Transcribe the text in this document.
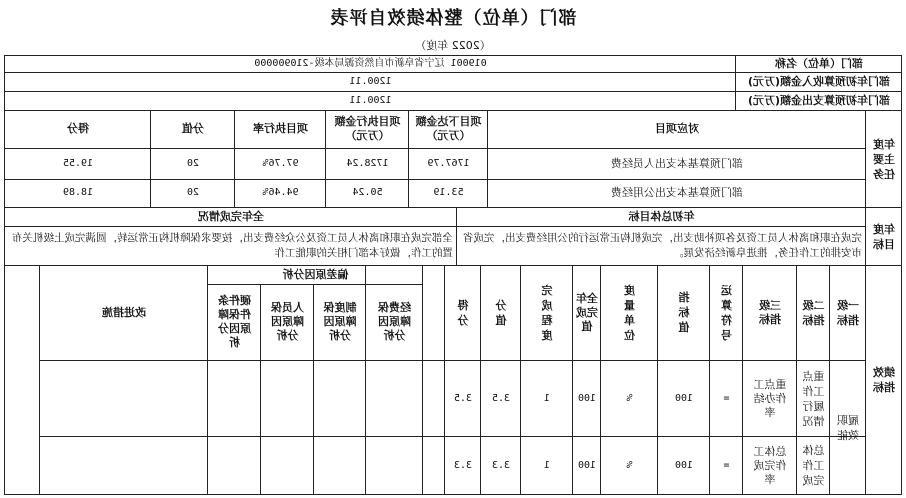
部门（单位）整体绩效自评表
（2022 年度）
部门（单位）名称
019001 辽宁省阜新市自然资源局本级-210900000
部门年初预算收入金额(万元)
1200.11
部门年初预算支出金额(万元)
1200.11
年度主要任务
对应项目
项目下达金额（万元）
项目执行金额（万元）
项目执行率
分值
得分
部门预算基本支出人员经费
1767.79
1728.24
97.76%
20
19.55
部门预算基本支出公用经费
53.19
50.24
94.46%
20
18.89
年度目标
年初总体目标
全年完成情况
完成在职和离休人员工资及各项补助支出，完成机构正常运行的公用经费支出，完成省市安排的工作任务，推进阜新经济发展。
全部完成在职和离休人员工资及公众经费支出，按要求保障机构正常运转，圆满完成上级机关布置的工作，做好本部门相关的职能工作
绩效指标
一级指标
二级指标
三级指标
运算符号
指标值
度量单位
全年完成值
完成程度
分值
得分
偏差原因分析
经费保障原因分析
制度保障原因分析
人员保障原因分析
硬件条件保障原因分析
改进措施
履职效能
重点工作履行情况
重点工作办结率
=
100
%
100
1
3.5
3.5
总体工作完成
总体工作完成率
=
100
%
100
1
3.3
3.3
